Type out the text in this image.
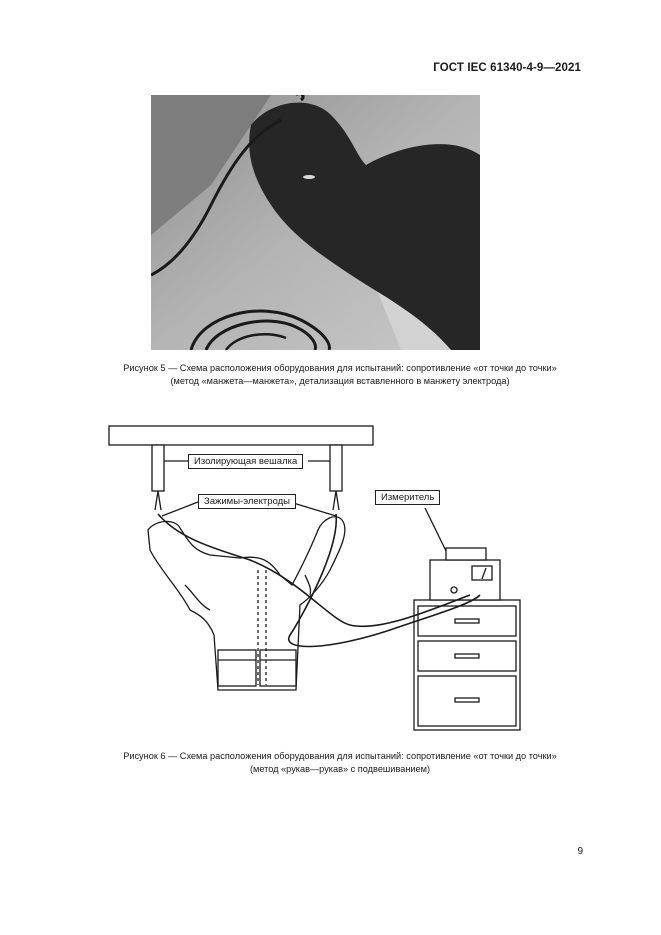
ГОСТ IEC 61340-4-9—2021
Рисунок 5 — Схема расположения оборудования для испытаний: сопротивление «от точки до точки»
(метод «манжета—манжета», детализация вставленного в манжету электрода)
Изолирующая вешалка
Зажимы-электроды	Измеритель
Рисунок 6 — Схема расположения оборудования для испытаний: сопротивление «от точки до точки»
(метод «рукав—рукав» с подвешиванием)
9
